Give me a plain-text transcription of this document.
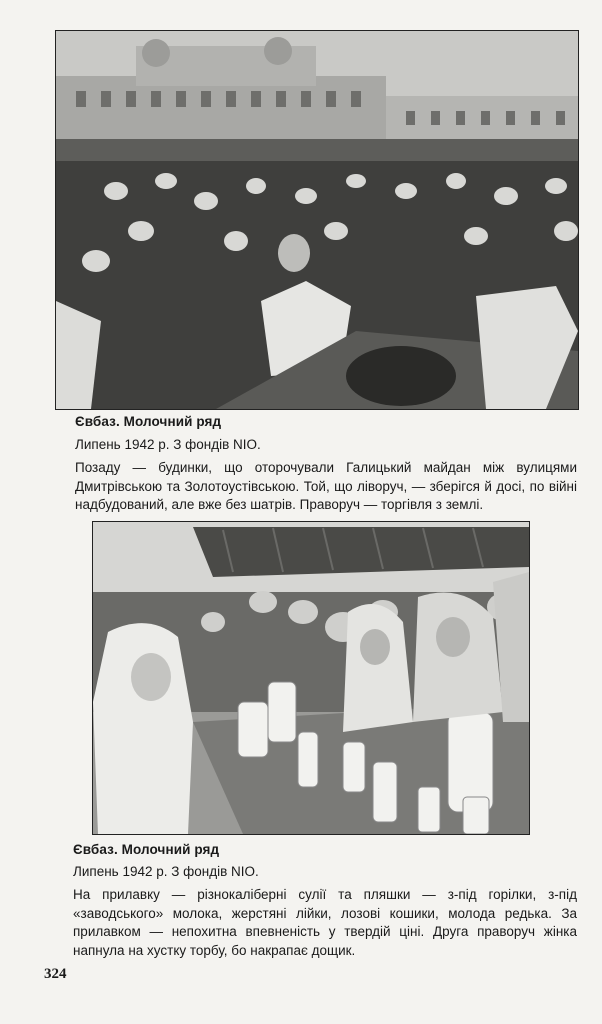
Євбаз. Молочний ряд
Липень 1942 р. З фондів NIO.
Позаду — будинки, що оторочували Галицький майдан між вулицями Дмитрівською та Золотоустівською. Той, що ліворуч, — зберігся й досі, по війні надбудований, але вже без шатрів. Праворуч — торгівля з землі.
Євбаз. Молочний ряд
Липень 1942 р. З фондів NIO.
На прилавку — різнокаліберні сулії та пляшки — з-під горілки, з-під «заводського» молока, жерстяні лійки, лозові кошики, молода редька. За прилавком — непохитна впевненість у твердій ціні. Друга праворуч жінка напнула на хустку торбу, бо накрапає дощик.
324
